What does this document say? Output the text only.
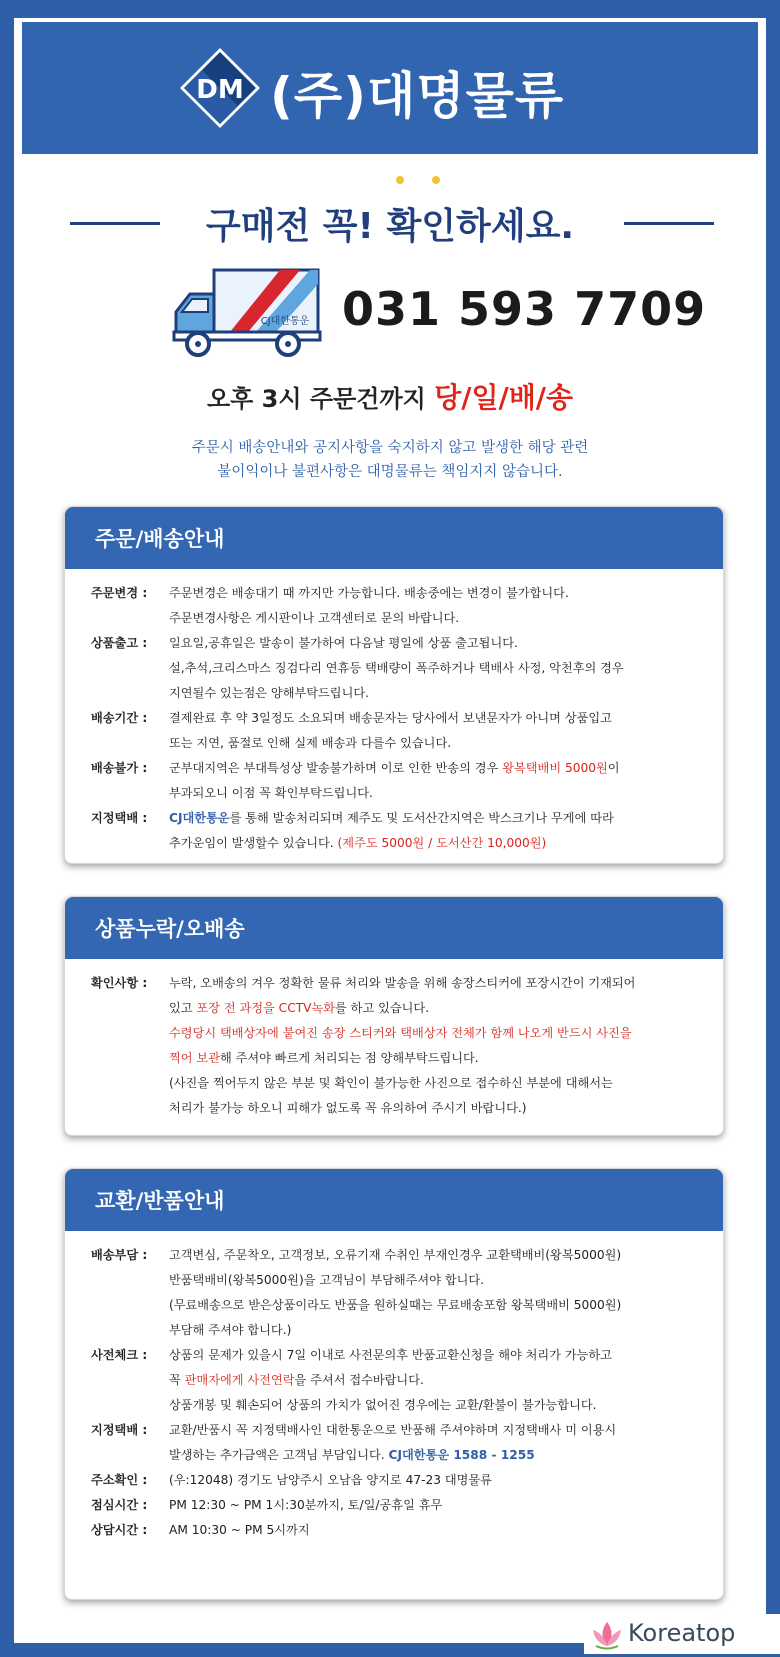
DM (주)대명물류
구매전 꼭! 확인하세요.
CJ대한통운 031 593 7709
오후 3시 주문건까지 당/일/배/송
주문시 배송안내와 공지사항을 숙지하지 않고 발생한 해당 관련
불이익이나 불편사항은 대명물류는 책임지지 않습니다.
주문/배송안내
주문변경 :	주문변경은 배송대기 때 까지만 가능합니다. 배송중에는 변경이 불가합니다.
주문변경사항은 게시판이나 고객센터로 문의 바랍니다.
상품출고 :	일요일,공휴일은 발송이 불가하여 다음날 평일에 상품 출고됩니다.
설,추석,크리스마스 징검다리 연휴등 택배량이 폭주하거나 택배사 사정, 악천후의 경우
지연될수 있는점은 양해부탁드립니다.
배송기간 :	결제완료 후 약 3일정도 소요되며 배송문자는 당사에서 보낸문자가 아니며 상품입고
또는 지연, 품절로 인해 실제 배송과 다를수 있습니다.
배송불가 :	군부대지역은 부대특성상 발송불가하며 이로 인한 반송의 경우 왕복택배비 5000원이
부과되오니 이점 꼭 확인부탁드립니다.
지정택배 :	CJ대한통운를 통해 발송처리되며 제주도 및 도서산간지역은 박스크기나 무게에 따라
추가운임이 발생할수 있습니다. (제주도 5000원 / 도서산간 10,000원)
상품누락/오배송
확인사항 :	누락, 오배송의 겨우 정확한 물류 처리와 발송을 위해 송장스티커에 포장시간이 기재되어
있고 포장 전 과정을 CCTV녹화를 하고 있습니다.
수령당시 택배상자에 붙여진 송장 스티커와 택배상자 전체가 함께 나오게 반드시 사진을
찍어 보관해 주셔야 빠르게 처리되는 점 양해부탁드립니다.
(사진을 찍어두지 않은 부분 및 확인이 불가능한 사진으로 접수하신 부분에 대해서는
처리가 불가능 하오니 피해가 없도록 꼭 유의하여 주시기 바랍니다.)
교환/반품안내
배송부담 :	고객변심, 주문착오, 고객정보, 오류기재 수취인 부재인경우 교환택배비(왕복5000원)
반품택배비(왕복5000원)을 고객님이 부담해주셔야 합니다.
(무료배송으로 받은상품이라도 반품을 원하실때는 무료배송포함 왕복택배비 5000원)
부담해 주셔야 합니다.)
사전체크 :	상품의 문제가 있을시 7일 이내로 사전문의후 반품교환신청을 해야 처리가 가능하고
꼭 판매자에게 사전연락을 주셔서 접수바랍니다.
상품개봉 및 훼손되어 상품의 가치가 없어진 경우에는 교환/환불이 불가능합니다.
지정택배 :	교환/반품시 꼭 지정택배사인 대한통운으로 반품해 주셔야하며 지정택배사 미 이용시
발생하는 추가금액은 고객님 부담입니다. CJ대한통운 1588 - 1255
주소확인 :	(우:12048) 경기도 남양주시 오남읍 양지로 47-23 대명물류
점심시간 :	PM 12:30 ~ PM 1시:30분까지, 토/일/공휴일 휴무
상담시간 :	AM 10:30 ~ PM 5시까지
Koreatop
